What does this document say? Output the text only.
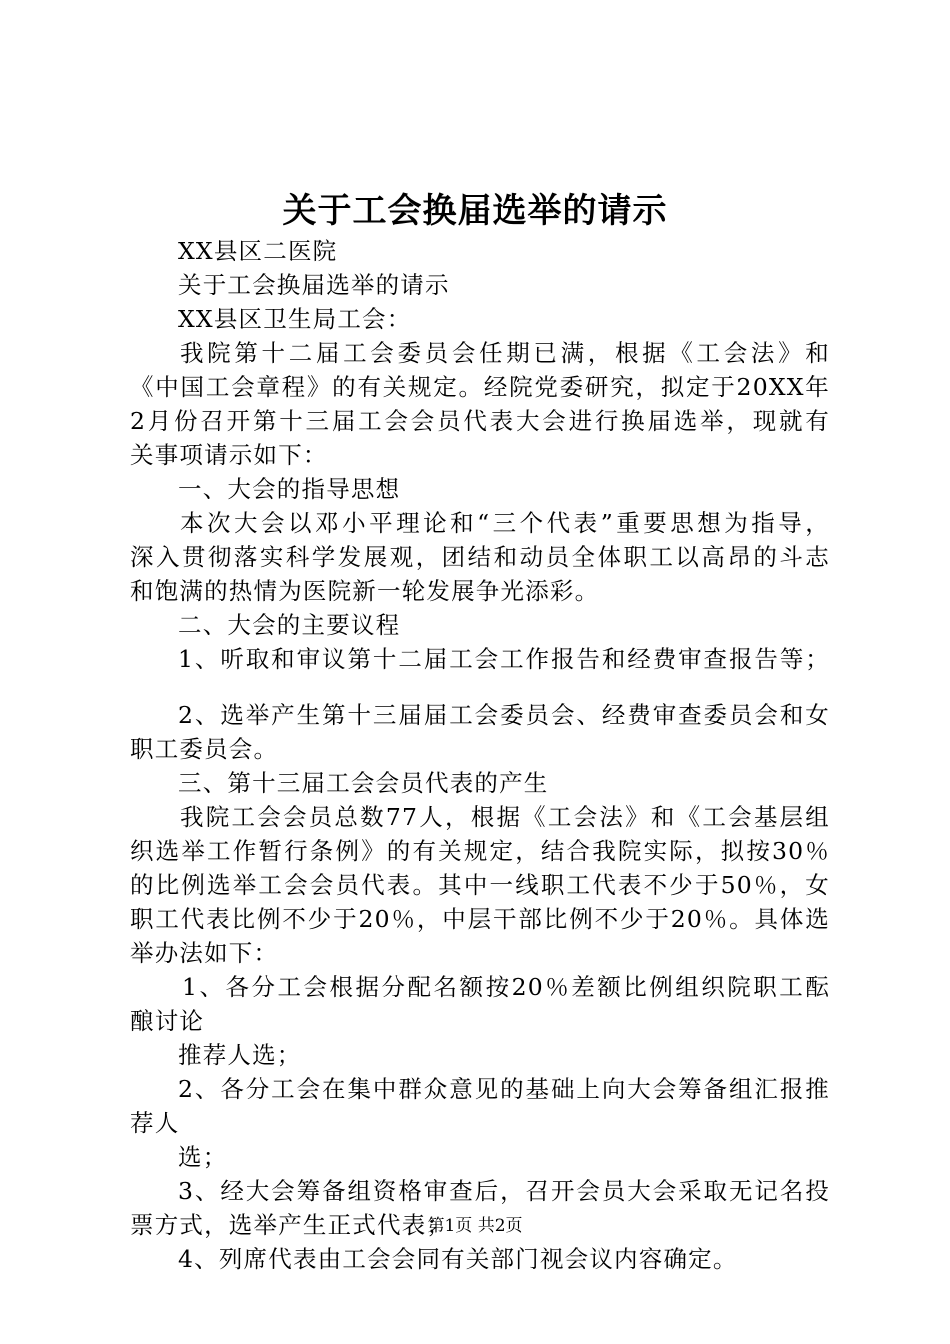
关于工会换届选举的请示
XX县区二医院
关于工会换届选举的请示
XX县区卫生局工会：
我院第十二届工会委员会任期已满，根据《工会法》和
《中国工会章程》的有关规定。经院党委研究，拟定于20XX年
2月份召开第十三届工会会员代表大会进行换届选举，现就有
关事项请示如下：
一、大会的指导思想
本次大会以邓小平理论和“三个代表”重要思想为指导，
深入贯彻落实科学发展观，团结和动员全体职工以高昂的斗志
和饱满的热情为医院新一轮发展争光添彩。
二、大会的主要议程
1、听取和审议第十二届工会工作报告和经费审查报告等；
2、选举产生第十三届届工会委员会、经费审查委员会和女
职工委员会。
三、第十三届工会会员代表的产生
我院工会会员总数77人，根据《工会法》和《工会基层组
织选举工作暂行条例》的有关规定，结合我院实际，拟按30％
的比例选举工会会员代表。其中一线职工代表不少于50％，女
职工代表比例不少于20％，中层干部比例不少于20％。具体选
举办法如下：
1、各分工会根据分配名额按20％差额比例组织院职工酝
酿讨论
推荐人选；
2、各分工会在集中群众意见的基础上向大会筹备组汇报推
荐人
选；
3、经大会筹备组资格审查后，召开会员大会采取无记名投
票方式，选举产生正式代表；
4、列席代表由工会会同有关部门视会议内容确定。
第1页 共2页
